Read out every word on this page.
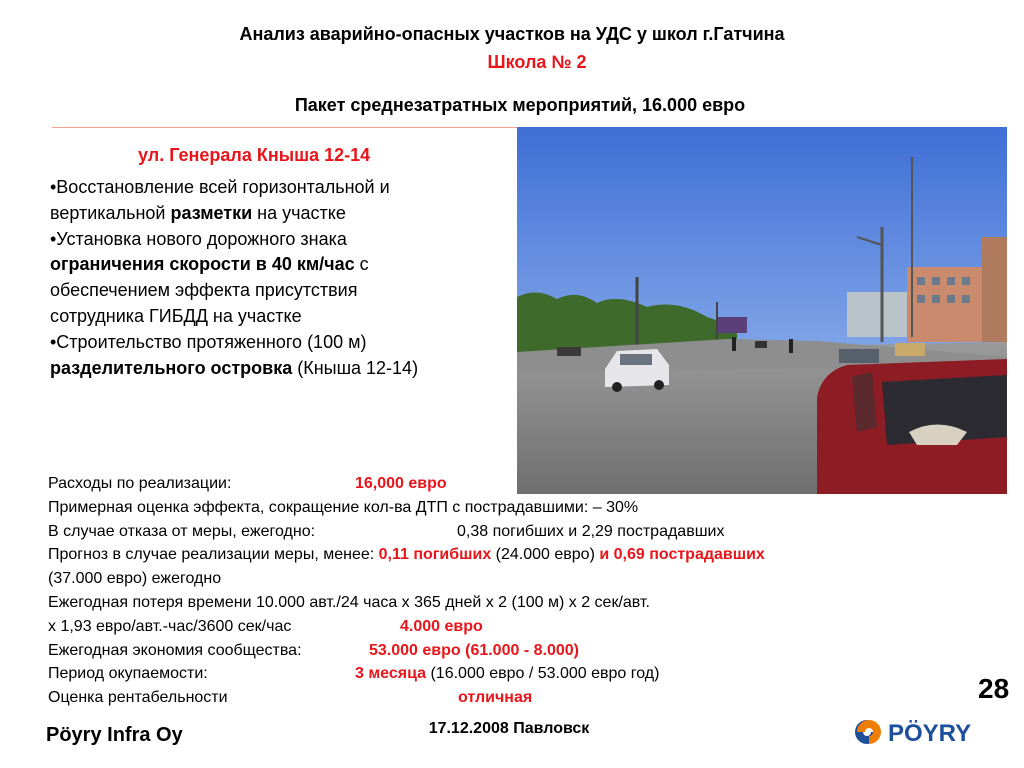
Анализ аварийно-опасных участков на УДС у школ г.Гатчина
Школа № 2
Пакет среднезатратных мероприятий, 16.000 евро
ул. Генерала Кныша 12-14
•Восстановление всей горизонтальной и
вертикальной разметки на участке
•Установка нового дорожного знака
ограничения скорости в 40 км/час с
обеспечением эффекта присутствия
сотрудника ГИБДД на участке
•Строительство протяженного (100 м)
разделительного островка (Кныша 12-14)
Расходы по реализации:	16,000 евро
Примерная оценка эффекта, сокращение кол-ва ДТП с пострадавшими: – 30%
В случае отказа от меры, ежегодно:	0,38 погибших и 2,29 пострадавших
Прогноз в случае реализации меры, менее: 0,11 погибших (24.000 евро) и 0,69 пострадавших
(37.000 евро) ежегодно
Ежегодная потеря времени 10.000 авт./24 часа х 365 дней х 2 (100 м) х 2 сек/авт.
х 1,93 евро/авт.-час/3600 сек/час	4.000 евро
Ежегодная экономия сообщества:	53.000 евро (61.000 - 8.000)
Период окупаемости:	3 месяца (16.000 евро / 53.000 евро год)
Оценка рентабельности	отличная	28
Pöyry Infra Oy	17.12.2008 Павловск	PÖYRY
